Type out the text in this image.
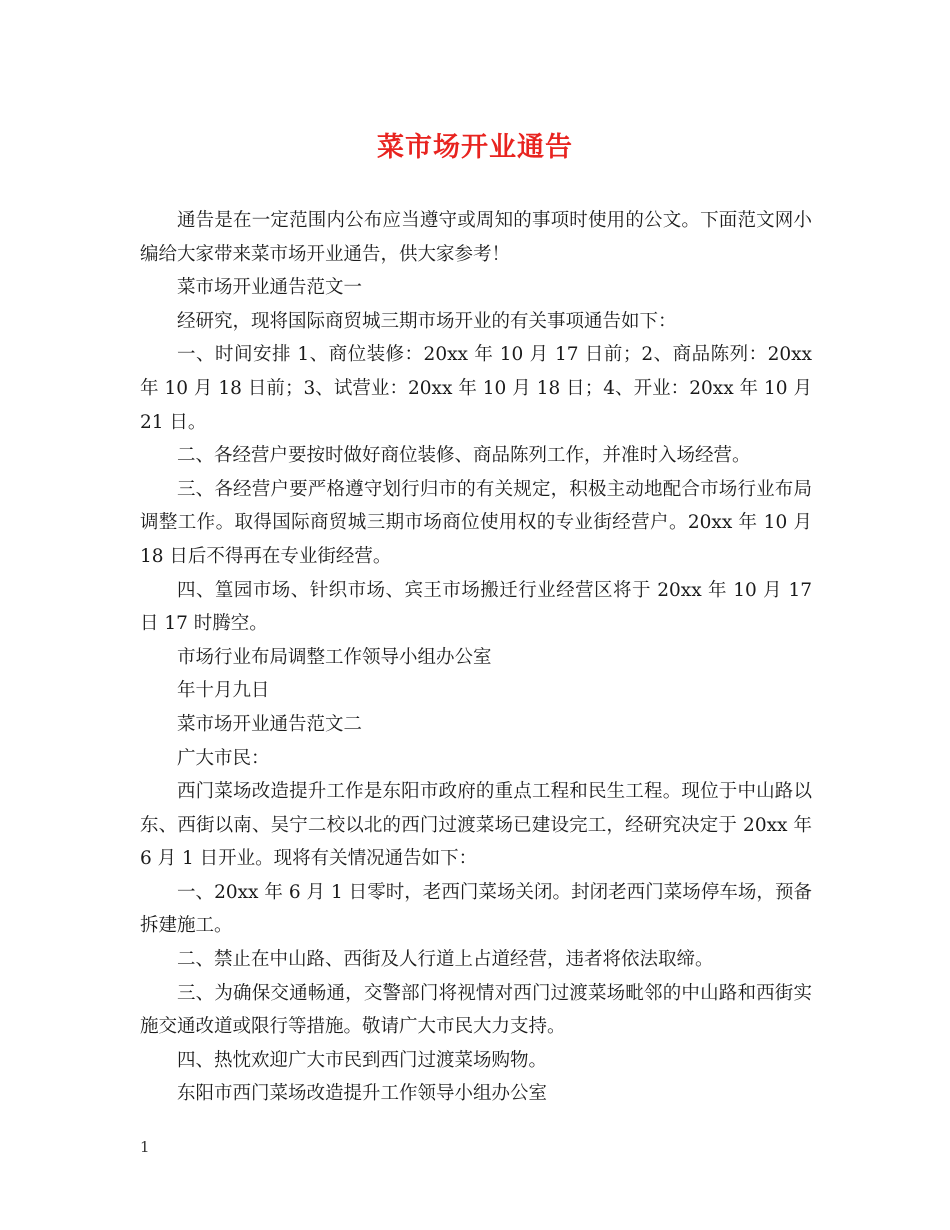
菜市场开业通告

通告是在一定范围内公布应当遵守或周知的事项时使用的公文。下面范文网小编给大家带来菜市场开业通告，供大家参考！

菜市场开业通告范文一

经研究，现将国际商贸城三期市场开业的有关事项通告如下：

一、时间安排 1、商位装修：20xx 年 10 月 17 日前；2、商品陈列：20xx 年 10 月 18 日前；3、试营业：20xx 年 10 月 18 日；4、开业：20xx 年 10 月 21 日。

二、各经营户要按时做好商位装修、商品陈列工作，并准时入场经营。

三、各经营户要严格遵守划行归市的有关规定，积极主动地配合市场行业布局调整工作。取得国际商贸城三期市场商位使用权的专业街经营户。20xx 年 10 月 18 日后不得再在专业街经营。

四、篁园市场、针织市场、宾王市场搬迁行业经营区将于 20xx 年 10 月 17 日 17 时腾空。

市场行业布局调整工作领导小组办公室

年十月九日

菜市场开业通告范文二

广大市民：

西门菜场改造提升工作是东阳市政府的重点工程和民生工程。现位于中山路以东、西街以南、吴宁二校以北的西门过渡菜场已建设完工，经研究决定于 20xx 年 6 月 1 日开业。现将有关情况通告如下：

一、20xx 年 6 月 1 日零时，老西门菜场关闭。封闭老西门菜场停车场，预备拆建施工。

二、禁止在中山路、西街及人行道上占道经营，违者将依法取缔。

三、为确保交通畅通，交警部门将视情对西门过渡菜场毗邻的中山路和西街实施交通改道或限行等措施。敬请广大市民大力支持。

四、热忱欢迎广大市民到西门过渡菜场购物。

东阳市西门菜场改造提升工作领导小组办公室

1
